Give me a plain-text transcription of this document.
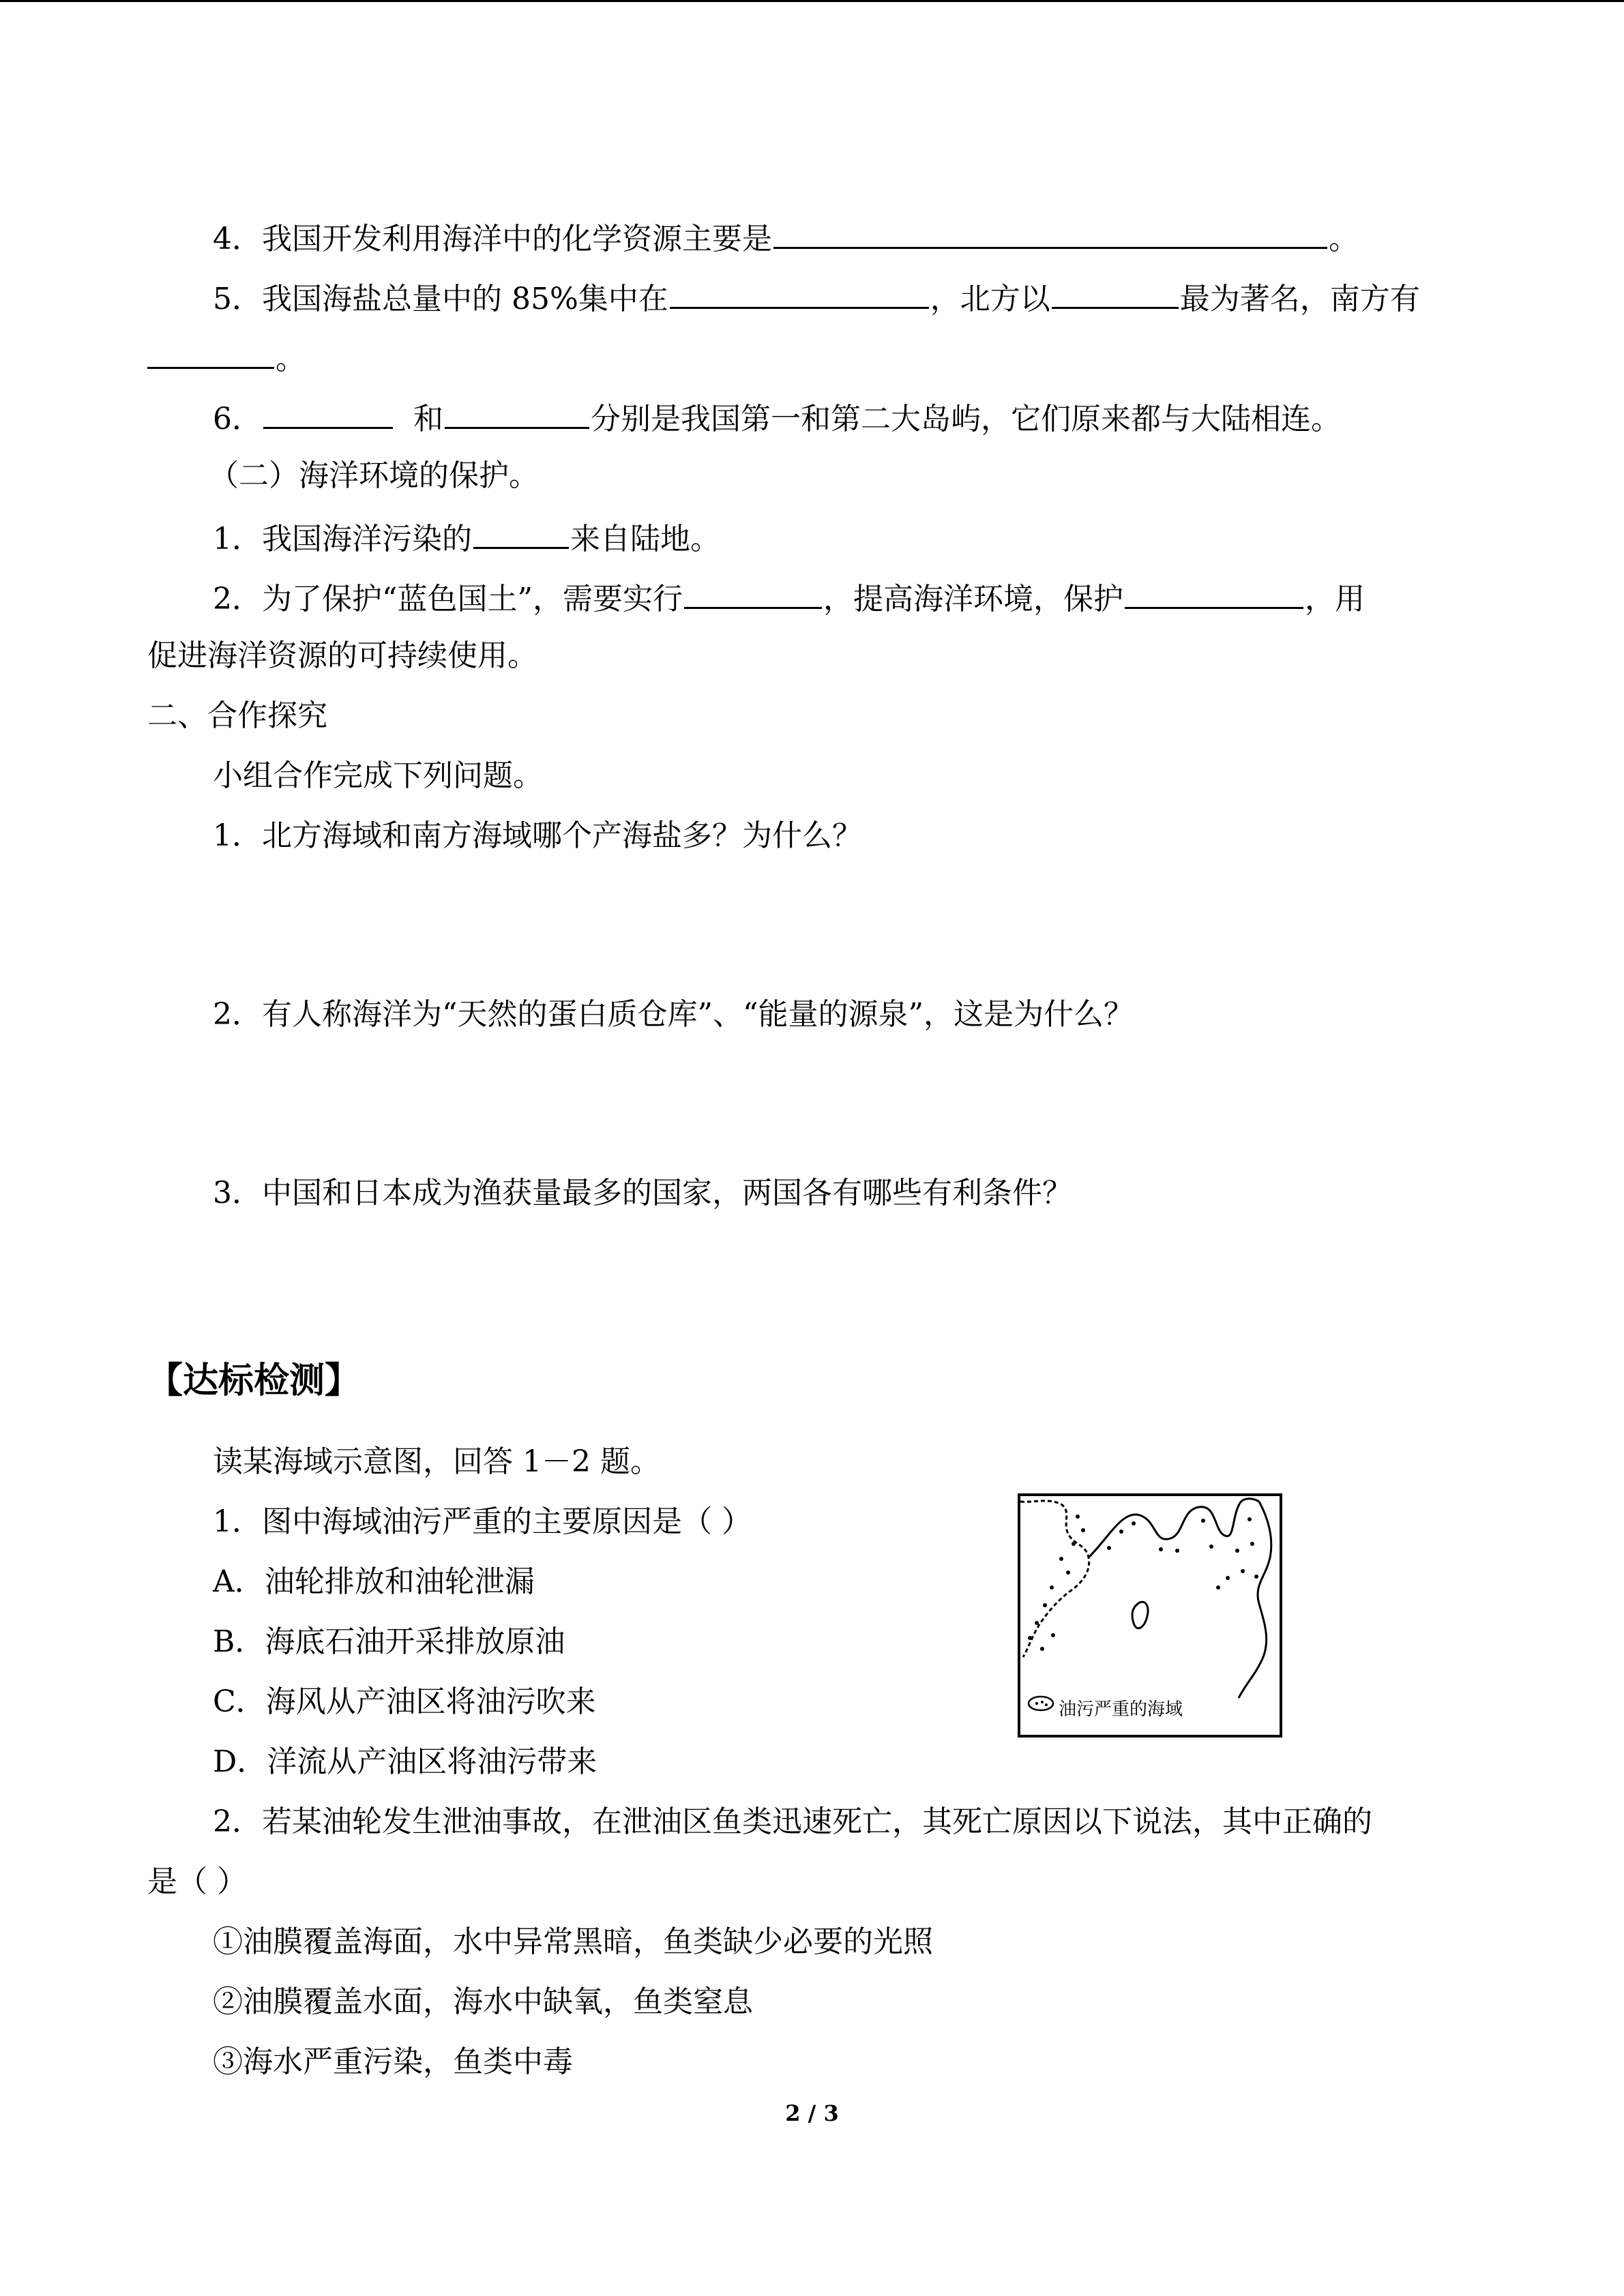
4．我国开发利用海洋中的化学资源主要是	。
5．我国海盐总量中的 85%集中在	，北方以	最为著名，南方有
。
6．	和	分别是我国第一和第二大岛屿，它们原来都与大陆相连。
（二）海洋环境的保护。
1．我国海洋污染的	来自陆地。
2．为了保护“蓝色国土”，需要实行	，提高海洋环境，保护	，用
促进海洋资源的可持续使用。
二、合作探究
小组合作完成下列问题。
1．北方海域和南方海域哪个产海盐多？为什么？
2．有人称海洋为“天然的蛋白质仓库”、“能量的源泉”，这是为什么？
3．中国和日本成为渔获量最多的国家，两国各有哪些有利条件？
【达标检测】
读某海域示意图，回答 1－2 题。
1．图中海域油污严重的主要原因是（ ）
A．油轮排放和油轮泄漏
B．海底石油开采排放原油
C．海风从产油区将油污吹来
D．洋流从产油区将油污带来
油污严重的海域
2．若某油轮发生泄油事故，在泄油区鱼类迅速死亡，其死亡原因以下说法，其中正确的
是（ ）
①油膜覆盖海面，水中异常黑暗，鱼类缺少必要的光照
②油膜覆盖水面，海水中缺氧，鱼类窒息
③海水严重污染，鱼类中毒
2 / 3
